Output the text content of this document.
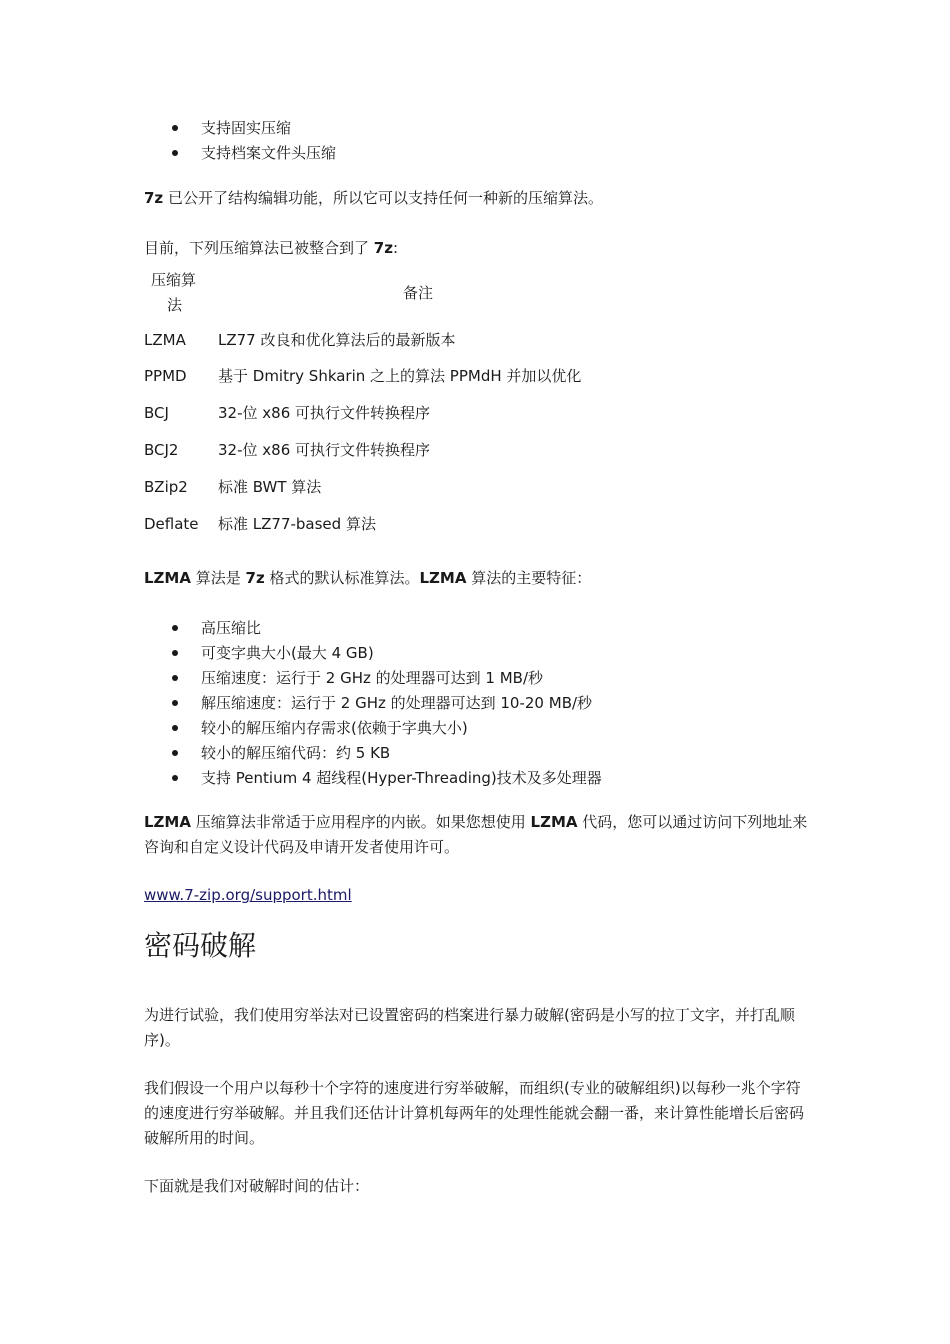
支持固实压缩
支持档案文件头压缩
7z 已公开了结构编辑功能，所以它可以支持任何一种新的压缩算法。
目前，下列压缩算法已被整合到了 7z:
压缩算
法
备注
LZMA LZ77 改良和优化算法后的最新版本
PPMD 基于 Dmitry Shkarin 之上的算法 PPMdH 并加以优化
BCJ	32-位 x86 可执行文件转换程序
BCJ2	32-位 x86 可执行文件转换程序
BZip2 标准 BWT 算法
Deflate 标准 LZ77-based 算法
LZMA 算法是 7z 格式的默认标准算法。LZMA 算法的主要特征：
高压缩比
可变字典大小(最大 4 GB)
压缩速度：运行于 2 GHz 的处理器可达到 1 MB/秒
解压缩速度：运行于 2 GHz 的处理器可达到 10-20 MB/秒
较小的解压缩内存需求(依赖于字典大小)
较小的解压缩代码：约 5 KB
支持 Pentium 4 超线程(Hyper-Threading)技术及多处理器
LZMA 压缩算法非常适于应用程序的内嵌。如果您想使用 LZMA 代码，您可以通过访问下列地址来咨询和自定义设计代码及申请开发者使用许可。
www.7-zip.org/support.html
密码破解
为进行试验，我们使用穷举法对已设置密码的档案进行暴力破解(密码是小写的拉丁文字，并打乱顺序)。
我们假设一个用户以每秒十个字符的速度进行穷举破解，而组织(专业的破解组织)以每秒一兆个字符的速度进行穷举破解。并且我们还估计计算机每两年的处理性能就会翻一番，来计算性能增长后密码破解所用的时间。
下面就是我们对破解时间的估计：
